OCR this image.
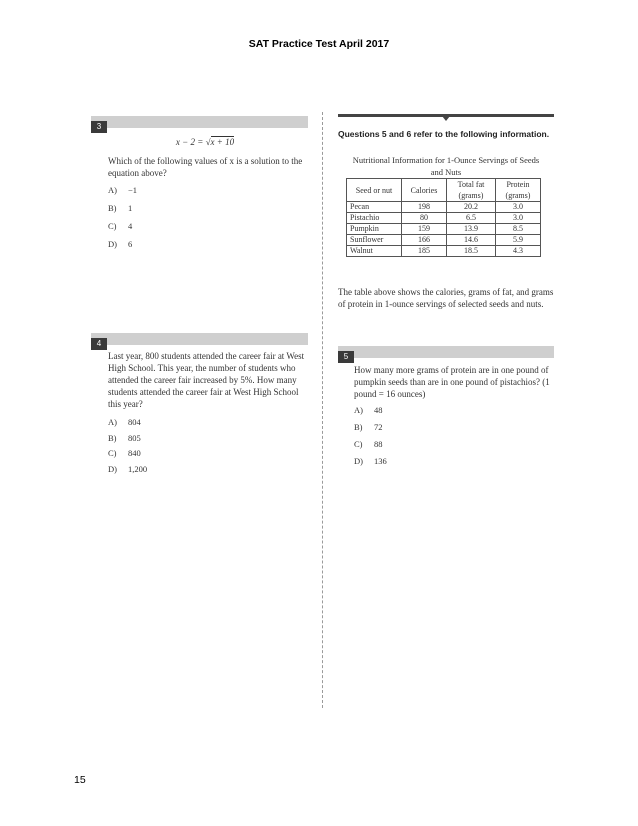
SAT Practice Test April 2017
3
x − 2 = √x + 10
Which of the following values of x is a solution to the equation above?
A)	−1
B)	1
C)	4
D)	6
4
Last year, 800 students attended the career fair at West High School. This year, the number of students who attended the career fair increased by 5%. How many students attended the career fair at West High School this year?
A)	804
B)	805
C)	840
D)	1,200
Questions 5 and 6 refer to the following information.
Nutritional Information for 1-Ounce Servings of Seeds and Nuts
Seed or nut	Calories	Total fat (grams)	Protein (grams)
Pecan	198	20.2	3.0
Pistachio	80	6.5	3.0
Pumpkin	159	13.9	8.5
Sunflower	166	14.6	5.9
Walnut	185	18.5	4.3
The table above shows the calories, grams of fat, and grams of protein in 1-ounce servings of selected seeds and nuts.
5
How many more grams of protein are in one pound of pumpkin seeds than are in one pound of pistachios? (1 pound = 16 ounces)
A)	48
B)	72
C)	88
D)	136
15
